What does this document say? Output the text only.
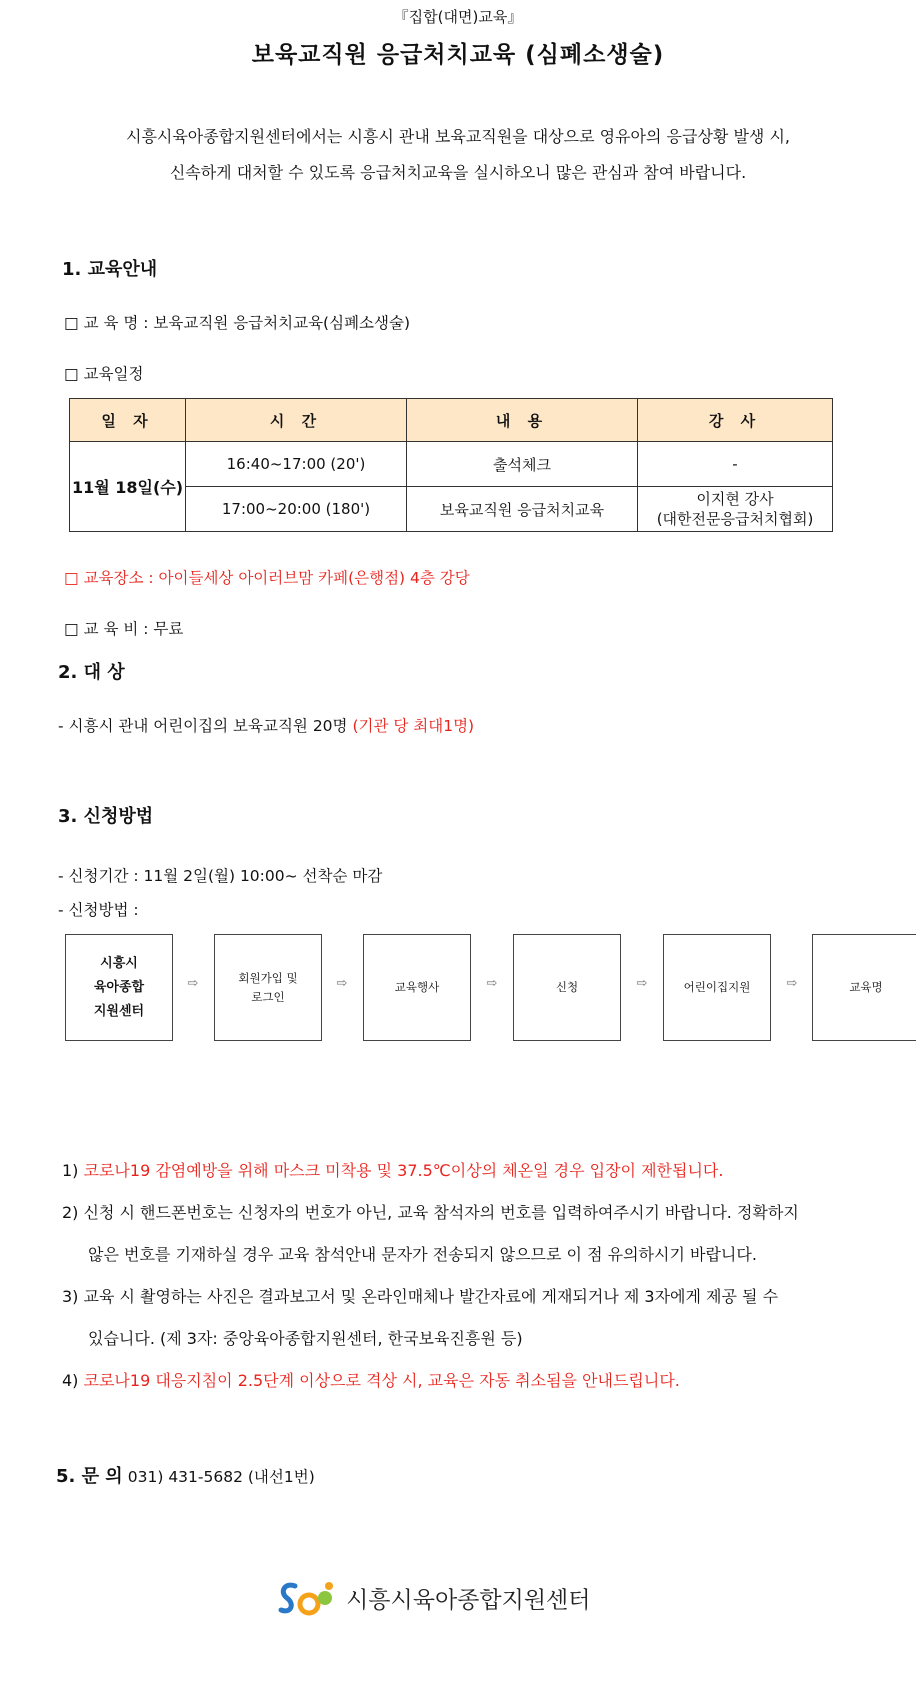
『집합(대면)교육』
보육교직원 응급처치교육 (심폐소생술)
시흥시육아종합지원센터에서는 시흥시 관내 보육교직원을 대상으로 영유아의 응급상황 발생 시,
신속하게 대처할 수 있도록 응급처치교육을 실시하오니 많은 관심과 참여 바랍니다.
1. 교육안내
□ 교 육 명 : 보육교직원 응급처치교육(심폐소생술)
□ 교육일정
일 자	시 간	내 용	강 사
11월 18일(수)	16:40~17:00 (20')	출석체크	-
	17:00~20:00 (180')	보육교직원 응급처치교육	이지현 강사
(대한전문응급처치협회)
□ 교육장소 : 아이들세상 아이러브맘 카페(은행점) 4층 강당
□ 교 육 비 : 무료
2. 대 상
- 시흥시 관내 어린이집의 보육교직원 20명 (기관 당 최대1명)
3. 신청방법
- 신청기간 : 11월 2일(월) 10:00~ 선착순 마감
- 신청방법 :
시흥시
육아종합
지원센터
⇨	회원가입 및
로그인
⇨	교육행사	⇨	신청	⇨	어린이집지원	⇨	교육명
1) 코로나19 감염예방을 위해 마스크 미착용 및 37.5℃이상의 체온일 경우 입장이 제한됩니다.
2) 신청 시 핸드폰번호는 신청자의 번호가 아닌, 교육 참석자의 번호를 입력하여주시기 바랍니다. 정확하지
않은 번호를 기재하실 경우 교육 참석안내 문자가 전송되지 않으므로 이 점 유의하시기 바랍니다.
3) 교육 시 촬영하는 사진은 결과보고서 및 온라인매체나 발간자료에 게재되거나 제 3자에게 제공 될 수
있습니다. (제 3자: 중앙육아종합지원센터, 한국보육진흥원 등)
4) 코로나19 대응지침이 2.5단계 이상으로 격상 시, 교육은 자동 취소됨을 안내드립니다.
5. 문 의 031) 431-5682 (내선1번)
시흥시육아종합지원센터
